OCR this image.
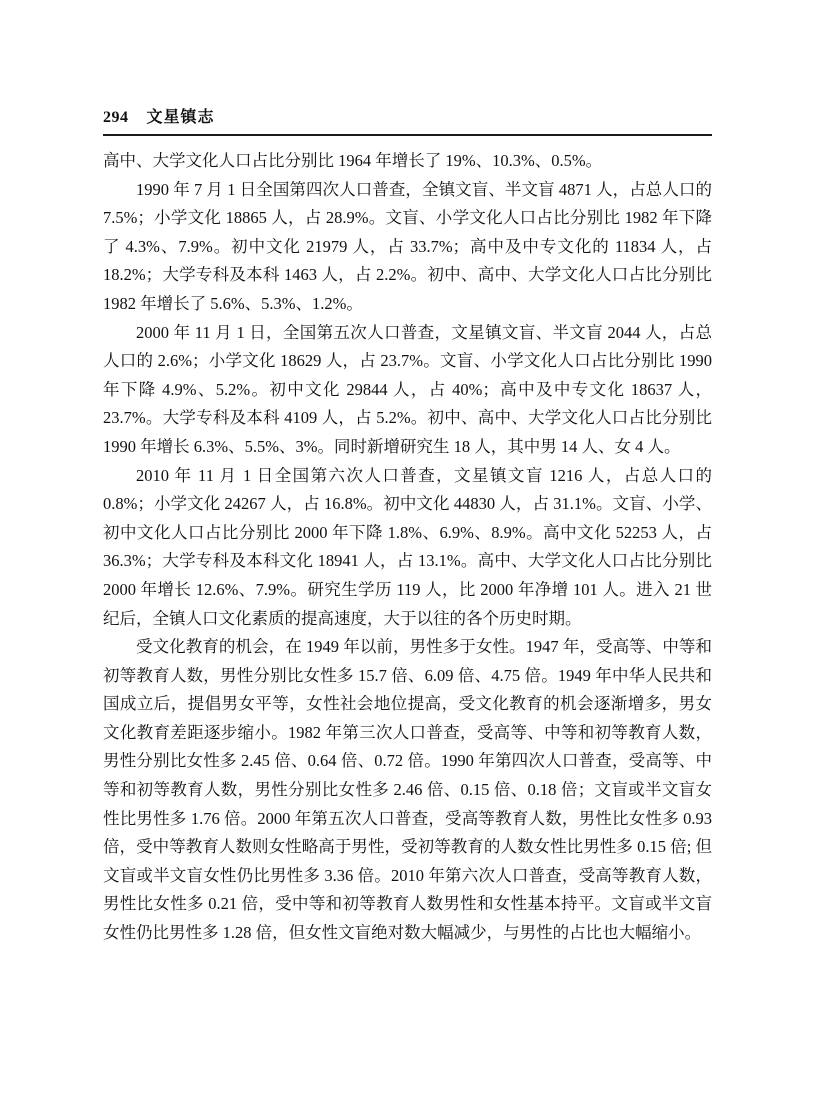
294 文星镇志

高中、大学文化人口占比分别比 1964 年增长了 19%、10.3%、0.5%。

1990 年 7 月 1 日全国第四次人口普查，全镇文盲、半文盲 4871 人，占总人口的 7.5%；小学文化 18865 人，占 28.9%。文盲、小学文化人口占比分别比 1982 年下降了 4.3%、7.9%。初中文化 21979 人，占 33.7%；高中及中专文化的 11834 人，占 18.2%；大学专科及本科 1463 人，占 2.2%。初中、高中、大学文化人口占比分别比 1982 年增长了 5.6%、5.3%、1.2%。

2000 年 11 月 1 日，全国第五次人口普查，文星镇文盲、半文盲 2044 人，占总人口的 2.6%；小学文化 18629 人，占 23.7%。文盲、小学文化人口占比分别比 1990 年下降 4.9%、5.2%。初中文化 29844 人，占 40%；高中及中专文化 18637 人，23.7%。大学专科及本科 4109 人，占 5.2%。初中、高中、大学文化人口占比分别比 1990 年增长 6.3%、5.5%、3%。同时新增研究生 18 人，其中男 14 人、女 4 人。

2010 年 11 月 1 日全国第六次人口普查，文星镇文盲 1216 人，占总人口的 0.8%；小学文化 24267 人，占 16.8%。初中文化 44830 人，占 31.1%。文盲、小学、初中文化人口占比分别比 2000 年下降 1.8%、6.9%、8.9%。高中文化 52253 人，占 36.3%；大学专科及本科文化 18941 人，占 13.1%。高中、大学文化人口占比分别比 2000 年增长 12.6%、7.9%。研究生学历 119 人，比 2000 年净增 101 人。进入 21 世纪后，全镇人口文化素质的提高速度，大于以往的各个历史时期。

受文化教育的机会，在 1949 年以前，男性多于女性。1947 年，受高等、中等和初等教育人数，男性分别比女性多 15.7 倍、6.09 倍、4.75 倍。1949 年中华人民共和国成立后，提倡男女平等，女性社会地位提高，受文化教育的机会逐渐增多，男女文化教育差距逐步缩小。1982 年第三次人口普查，受高等、中等和初等教育人数，男性分别比女性多 2.45 倍、0.64 倍、0.72 倍。1990 年第四次人口普查，受高等、中等和初等教育人数，男性分别比女性多 2.46 倍、0.15 倍、0.18 倍；文盲或半文盲女性比男性多 1.76 倍。2000 年第五次人口普查，受高等教育人数，男性比女性多 0.93 倍，受中等教育人数则女性略高于男性，受初等教育的人数女性比男性多 0.15 倍; 但文盲或半文盲女性仍比男性多 3.36 倍。2010 年第六次人口普查，受高等教育人数，男性比女性多 0.21 倍，受中等和初等教育人数男性和女性基本持平。文盲或半文盲女性仍比男性多 1.28 倍，但女性文盲绝对数大幅减少，与男性的占比也大幅缩小。
